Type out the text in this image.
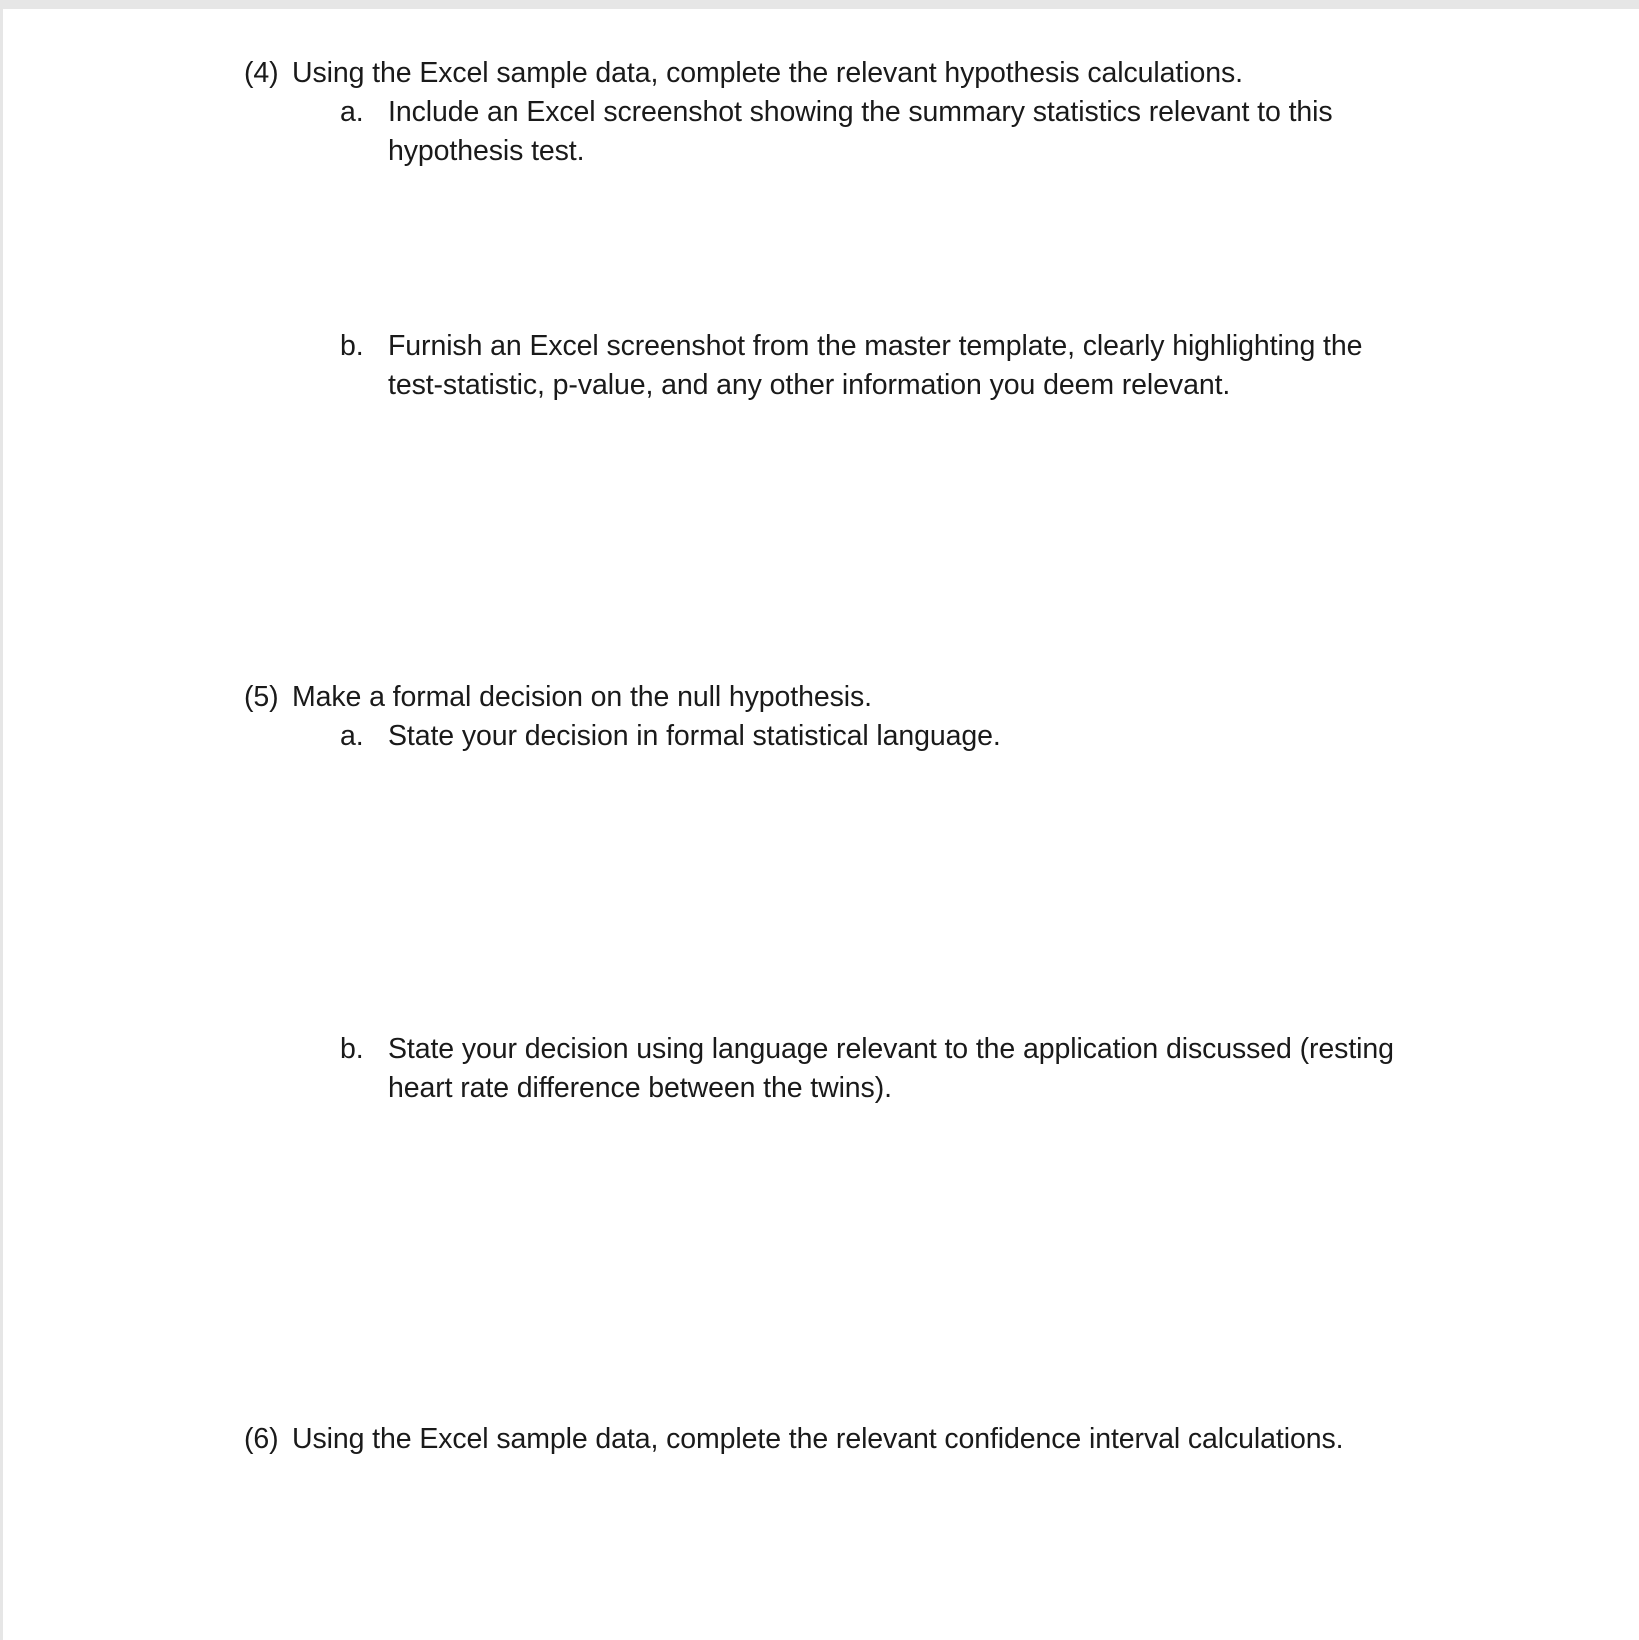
(4) Using the Excel sample data, complete the relevant hypothesis calculations.
a. Include an Excel screenshot showing the summary statistics relevant to this
hypothesis test.
b. Furnish an Excel screenshot from the master template, clearly highlighting the
test-statistic, p-value, and any other information you deem relevant.
(5) Make a formal decision on the null hypothesis.
a. State your decision in formal statistical language.
b. State your decision using language relevant to the application discussed (resting
heart rate difference between the twins).
(6) Using the Excel sample data, complete the relevant confidence interval calculations.
